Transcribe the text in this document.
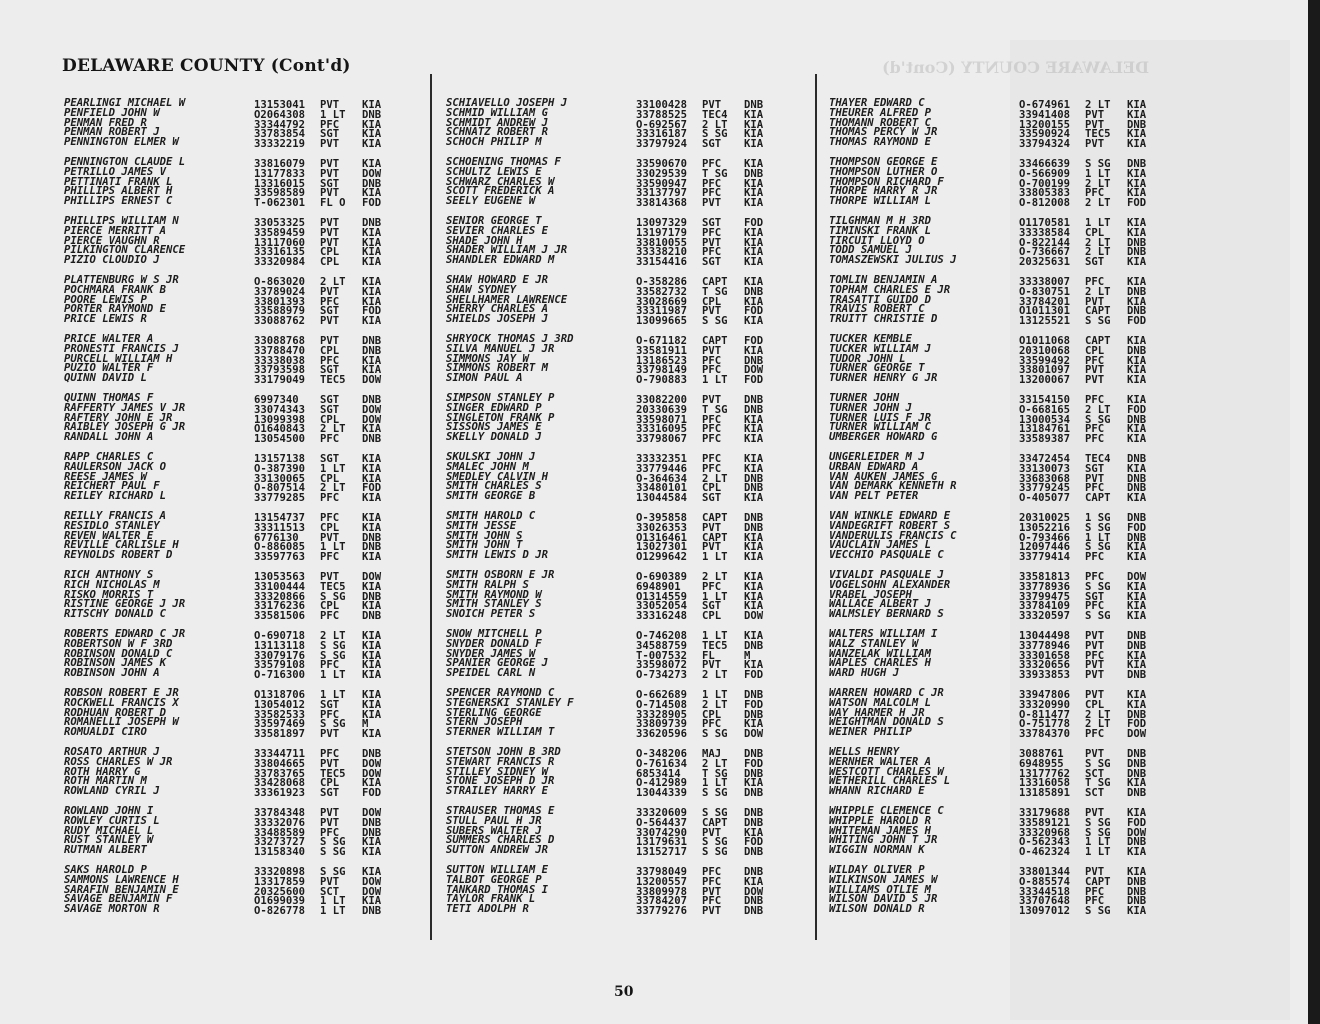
DELAWARE COUNTY (Cont'd)
DELAWARE COUNTY (Cont'd)
PEARLINGI MICHAEL W	13153041 PVT KIA
PENFIELD JOHN W	O2064308 1 LT DNB
PENMAN FRED R	33344792 PFC KIA
PENMAN ROBERT J	33783854 SGT KIA
PENNINGTON ELMER W	33332219 PVT KIA
PENNINGTON CLAUDE L	33816079 PVT KIA
PETRILLO JAMES V	13177833 PVT DOW
PETTINATI FRANK L	13316015 SGT DNB
PHILLIPS ALBERT H	33598589 PVT KIA
PHILLIPS ERNEST C	T-062301 FL O FOD
PHILLIPS WILLIAM N	33053325 PVT DNB
PIERCE MERRITT A	33589459 PVT KIA
PIERCE VAUGHN R	13117060 PVT KIA
PILKINGTON CLARENCE	33316135 CPL KIA
PIZIO CLOUDIO J	33320984 CPL KIA
PLATTENBURG W S JR	O-863020 2 LT KIA
POCHMARA FRANK B	33789024 PVT KIA
POORE LEWIS P	33801393 PFC KIA
PORTER RAYMOND E	33588979 SGT FOD
PRICE LEWIS R	33088762 PVT KIA
PRICE WALTER A	33088768 PVT DNB
PRONESTI FRANCIS J	33788470 CPL DNB
PURCELL WILLIAM H	33338038 PFC KIA
PUZIO WALTER F	33793598 SGT KIA
QUINN DAVID L	33179049 TEC5 DOW
QUINN THOMAS F	6997340 SGT DNB
RAFFERTY JAMES V JR	33074343 SGT DOW
RAFTERY JOHN E JR	13099398 CPL DOW
RAIBLEY JOSEPH G JR	O1640843 2 LT KIA
RANDALL JOHN A	13054500 PFC DNB
RAPP CHARLES C	13157138 SGT KIA
RAULERSON JACK O	O-387390 1 LT KIA
REESE JAMES W	33130065 CPL KIA
REICHERT PAUL F	O-807514 2 LT FOD
REILEY RICHARD L	33779285 PFC KIA
REILLY FRANCIS A	13154737 PFC KIA
RESIDLO STANLEY	33311513 CPL KIA
REVEN WALTER E	6776130 PVT DNB
REVILLE CARLISLE H	O-886085 1 LT DNB
REYNOLDS ROBERT D	33597763 PFC KIA
RICH ANTHONY S	13053563 PVT DOW
RICH NICHOLAS M	33100444 TEC5 KIA
RISKO MORRIS T	33320866 S SG DNB
RISTINE GEORGE J JR	33176236 CPL KIA
RITSCHY DONALD C	33581506 PFC DNB
ROBERTS EDWARD C JR	O-690718 2 LT KIA
ROBERTSON W F 3RD	13113118 S SG KIA
ROBINSON DONALD C	33079176 S SG KIA
ROBINSON JAMES K	33579108 PFC KIA
ROBINSON JOHN A	O-716300 1 LT KIA
ROBSON ROBERT E JR	O1318706 1 LT KIA
ROCKWELL FRANCIS X	13054012 SGT KIA
RODHUAN ROBERT D	33582533 PFC KIA
ROMANELLI JOSEPH W	33597469 S SG M
ROMUALDI CIRO	33581897 PVT KIA
ROSATO ARTHUR J	33344711 PFC DNB
ROSS CHARLES W JR	33804665 PVT DOW
ROTH HARRY G	33783765 TEC5 DOW
ROTH MARTIN M	33428068 CPL KIA
ROWLAND CYRIL J	33361923 SGT FOD
ROWLAND JOHN I	33784348 PVT DOW
ROWLEY CURTIS L	33332076 PVT DNB
RUDY MICHAEL L	33488589 PFC DNB
RUST STANLEY W	33273727 S SG KIA
RUTMAN ALBERT	13158340 S SG KIA
SAKS HAROLD P	33320898 S SG KIA
SAMMONS LAWRENCE H	13317859 PVT DOW
SARAFIN BENJAMIN E	20325600 SCT DOW
SAVAGE BENJAMIN F	O1699039 1 LT KIA
SAVAGE MORTON R	O-826778 1 LT DNB
SCHIAVELLO JOSEPH J	33100428 PVT DNB
SCHMID WILLIAM G	33788525 TEC4 KIA
SCHMIDT ANDREW J	O-692567 2 LT KIA
SCHNATZ ROBERT R	33316187 S SG KIA
SCHOCH PHILIP M	33797924 SGT KIA
SCHOENING THOMAS F	33590670 PFC KIA
SCHULTZ LEWIS E	33029539 T SG DNB
SCHWARZ CHARLES W	33590947 PFC KIA
SCOTT FREDERICK A	33137797 PFC KIA
SEELY EUGENE W	33814368 PVT KIA
SENIOR GEORGE T	13097329 SGT FOD
SEVIER CHARLES E	13197179 PFC KIA
SHADE JOHN H	33810055 PVT KIA
SHADER WILLIAM J JR	33338210 PFC KIA
SHANDLER EDWARD M	33154416 SGT KIA
SHAW HOWARD E JR	O-358286 CAPT KIA
SHAW SYDNEY	33582732 T SG DNB
SHELLHAMER LAWRENCE	33028669 CPL KIA
SHERRY CHARLES A	33311987 PVT FOD
SHIELDS JOSEPH J	13099665 S SG KIA
SHRYOCK THOMAS J 3RD	O-671182 CAPT FOD
SILVA MANUEL J JR	33581911 PVT KIA
SIMMONS JAY W	13186523 PFC DNB
SIMMONS ROBERT M	33798149 PFC DOW
SIMON PAUL A	O-790883 1 LT FOD
SIMPSON STANLEY P	33082200 PVT DNB
SINGER EDWARD P	20330639 T SG DNB
SINGLETON FRANK P	33598071 PFC KIA
SISSONS JAMES E	33316095 PFC KIA
SKELLY DONALD J	33798067 PFC KIA
SKULSKI JOHN J	33332351 PFC KIA
SMALEC JOHN M	33779446 PFC KIA
SMEDLEY CALVIN H	O-364634 2 LT DNB
SMITH CHARLES S	33480101 CPL DNB
SMITH GEORGE B	13044584 SGT KIA
SMITH HAROLD C	O-395858 CAPT DNB
SMITH JESSE	33026353 PVT DNB
SMITH JOHN S	O1316461 CAPT KIA
SMITH JOHN T	13027301 PVT KIA
SMITH LEWIS D JR	O1299642 1 LT KIA
SMITH OSBORN E JR	O-690389 2 LT KIA
SMITH RALPH S	6948901 PFC KIA
SMITH RAYMOND W	O1314559 1 LT KIA
SMITH STANLEY S	33052054 SGT KIA
SNOICH PETER S	33316248 CPL DOW
SNOW MITCHELL P	O-746208 1 LT KIA
SNYDER DONALD F	34588759 TEC5 DNB
SNYDER JAMES W	T-007532 FL	M
SPANIER GEORGE J	33598072 PVT KIA
SPEIDEL CARL N	O-734273 2 LT FOD
SPENCER RAYMOND C	O-662689 1 LT DNB
STEGNERSKI STANLEY F	O-714508 2 LT FOD
STERLING GEORGE	33328905 CPL DNB
STERN JOSEPH	33809739 PFC KIA
STERNER WILLIAM T	33620596 S SG DOW
STETSON JOHN B 3RD	O-348206 MAJ DNB
STEWART FRANCIS R	O-761634 2 LT FOD
STILLEY SIDNEY W	6853414 T SG DNB
STONE JOSEPH D JR	O-412989 1 LT KIA
STRAILEY HARRY E	13044339 S SG DNB
STRAUSER THOMAS E	33320609 S SG DNB
STULL PAUL H JR	O-564437 CAPT DNB
SUBERS WALTER J	33074290 PVT KIA
SUMMERS CHARLES D	13179631 S SG FOD
SUTTON ANDREW JR	13152717 S SG DNB
SUTTON WILLIAM E	33798049 PFC DNB
TALBOT GEORGE P	13200557 PFC KIA
TANKARD THOMAS I	33809978 PVT DOW
TAYLOR FRANK L	33784207 PFC DNB
TETI ADOLPH R	33779276 PVT DNB
THAYER EDWARD C	O-674961 2 LT KIA
THEURER ALFRED P	33941408 PVT KIA
THOMANN ROBERT C	13200155 PVT DNB
THOMAS PERCY W JR	33590924 TEC5 KIA
THOMAS RAYMOND E	33794324 PVT KIA
THOMPSON GEORGE E	33466639 S SG DNB
THOMPSON LUTHER O	O-566909 1 LT KIA
THOMPSON RICHARD F	O-700199 2 LT KIA
THORPE HARRY R JR	33805383 PFC KIA
THORPE WILLIAM L	O-812008 2 LT FOD
TILGHMAN M H 3RD	O1170581 1 LT KIA
TIMINSKI FRANK L	33338584 CPL KIA
TIRCUIT LLOYD O	O-822144 2 LT DNB
TODD SAMUEL J	O-736667 2 LT DNB
TOMASZEWSKI JULIUS J	20325631 SGT KIA
TOMLIN BENJAMIN A	33338007 PFC KIA
TOPHAM CHARLES E JR	O-830751 2 LT DNB
TRASATTI GUIDO D	33784201 PVT KIA
TRAVIS ROBERT C	O1011301 CAPT DNB
TRUITT CHRISTIE D	13125521 S SG FOD
TUCKER KEMBLE	O1011068 CAPT KIA
TUCKER WILLIAM J	20310068 CPL DNB
TUDOR JOHN L	33599492 PFC KIA
TURNER GEORGE T	33801097 PVT KIA
TURNER HENRY G JR	13200067 PVT KIA
TURNER JOHN	33154150 PFC KIA
TURNER JOHN J	O-668165 2 LT FOD
TURNER LUIS F JR	13000534 S SG DNB
TURNER WILLIAM C	13184761 PFC KIA
UMBERGER HOWARD G	33589387 PFC KIA
UNGERLEIDER M J	33472454 TEC4 DNB
URBAN EDWARD A	33130073 SGT KIA
VAN AUKEN JAMES G	33683068 PVT DNB
VAN DEMARK KENNETH R	33779245 PFC DNB
VAN PELT PETER	O-405077 CAPT KIA
VAN WINKLE EDWARD E	20310025 1 SG DNB
VANDEGRIFT ROBERT S	13052216 S SG FOD
VANDERULIS FRANCIS C	O-793466 1 LT DNB
VAUCLAIN JAMES L	12097446 S SG KIA
VECCHIO PASQUALE C	33779414 PFC KIA
VIVALDI PASQUALE J	33581813 PFC DOW
VOGELSOHN ALEXANDER	33778936 S SG KIA
VRABEL JOSEPH	33799475 SGT KIA
WALLACE ALBERT J	33784109 PFC KIA
WALMSLEY BERNARD S	33320597 S SG KIA
WALTERS WILLIAM I	13044498 PVT DNB
WALZ STANLEY W	33778946 PVT DNB
WANZELAK WILLIAM	33301658 PFC KIA
WAPLES CHARLES H	33320656 PVT KIA
WARD HUGH J	33933853 PVT DNB
WARREN HOWARD C JR	33947806 PVT KIA
WATSON MALCOLM L	33320990 CPL KIA
WAY HARMER H JR	O-811477 2 LT DNB
WEIGHTMAN DONALD S	O-751778 2 LT FOD
WEINER PHILIP	33784370 PFC DOW
WELLS HENRY	3088761 PVT DNB
WERNHER WALTER A	6948955 S SG DNB
WESTCOTT CHARLES W	13177762 SCT DNB
WETHERILL CHARLES L	13316058 T SG KIA
WHANN RICHARD E	13185891 SCT DNB
WHIPPLE CLEMENCE C	33179688 PVT KIA
WHIPPLE HAROLD R	33589121 S SG FOD
WHITEMAN JAMES H	33320968 S SG DOW
WHITING JOHN T JR	O-562343 1 LT DNB
WIGGIN NORMAN K	O-462324 1 LT KIA
WILDAY OLIVER P	33801344 PVT KIA
WILKINSON JAMES W	O-885574 CAPT DNB
WILLIAMS OTLIE M	33344518 PFC DNB
WILSON DAVID S JR	33707648 PFC DNB
WILSON DONALD R	13097012 S SG KIA
50
